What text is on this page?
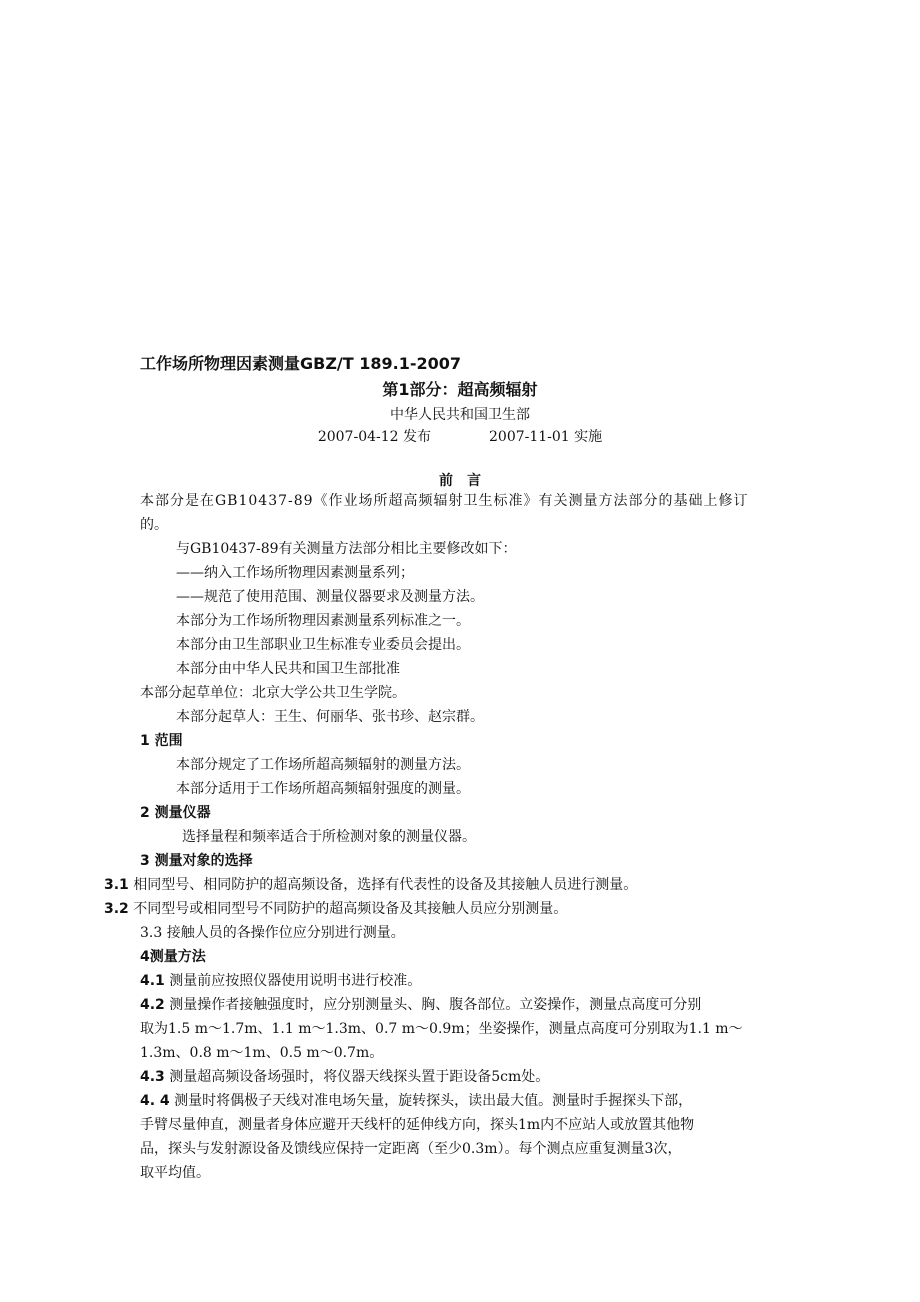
工作场所物理因素测量GBZ/T 189.1-2007
第1部分：超高频辐射
中华人民共和国卫生部
2007-04-12 发布	2007-11-01 实施
前　言
本部分是在GB10437-89《作业场所超高频辐射卫生标准》有关测量方法部分的基础上修订
的。
与GB10437-89有关测量方法部分相比主要修改如下：
——纳入工作场所物理因素测量系列；
——规范了使用范围、测量仪器要求及测量方法。
本部分为工作场所物理因素测量系列标准之一。
本部分由卫生部职业卫生标准专业委员会提出。
本部分由中华人民共和国卫生部批准
本部分起草单位：北京大学公共卫生学院。
本部分起草人：王生、何丽华、张书珍、赵宗群。
1 范围
本部分规定了工作场所超高频辐射的测量方法。
本部分适用于工作场所超高频辐射强度的测量。
2 测量仪器
选择量程和频率适合于所检测对象的测量仪器。
3 测量对象的选择
3.1 相同型号、相同防护的超高频设备，选择有代表性的设备及其接触人员进行测量。
3.2 不同型号或相同型号不同防护的超高频设备及其接触人员应分别测量。
3.3 接触人员的各操作位应分别进行测量。
4测量方法
4.1 测量前应按照仪器使用说明书进行校准。
4.2 测量操作者接触强度时，应分别测量头、胸、腹各部位。立姿操作，测量点高度可分别
取为1.5 m～1.7m、1.1 m～1.3m、0.7 m～0.9m；坐姿操作，测量点高度可分别取为1.1 m～
1.3m、0.8 m～1m、0.5 m～0.7m。
4.3 测量超高频设备场强时，将仪器天线探头置于距设备5cm处。
4. 4 测量时将偶极子天线对准电场矢量，旋转探头，读出最大值。测量时手握探头下部，
手臂尽量伸直，测量者身体应避开天线杆的延伸线方向，探头1m内不应站人或放置其他物
品，探头与发射源设备及馈线应保持一定距离（至少0.3m）。每个测点应重复测量3次，
取平均值。
